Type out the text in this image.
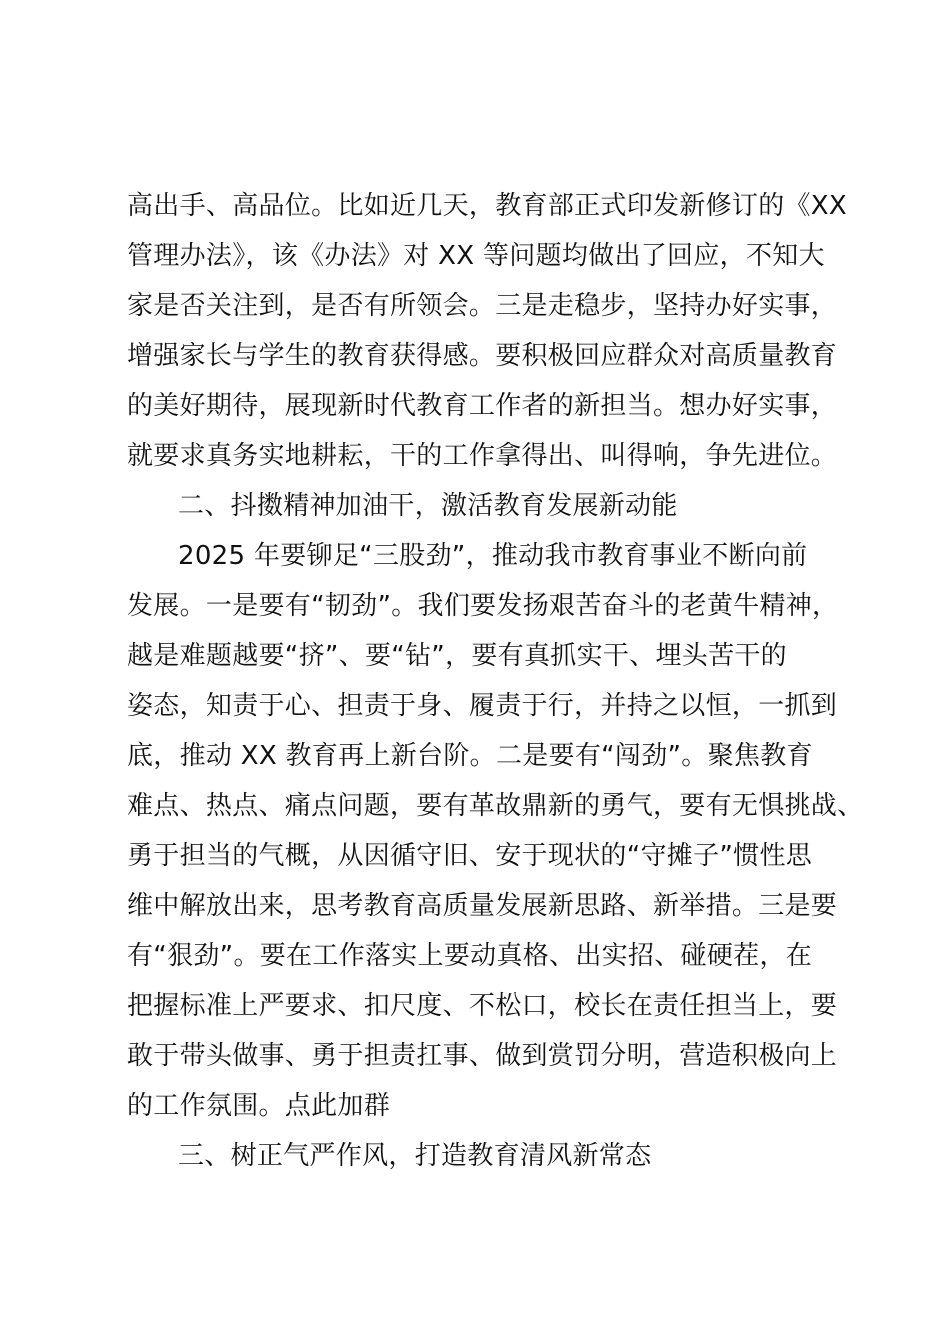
高出手、高品位。比如近几天，教育部正式印发新修订的《XX
管理办法》，该《办法》对 XX 等问题均做出了回应，不知大
家是否关注到，是否有所领会。三是走稳步，坚持办好实事，
增强家长与学生的教育获得感。要积极回应群众对高质量教育
的美好期待，展现新时代教育工作者的新担当。想办好实事，
就要求真务实地耕耘，干的工作拿得出、叫得响，争先进位。
二、抖擞精神加油干，激活教育发展新动能
2025 年要铆足“三股劲”，推动我市教育事业不断向前
发展。一是要有“韧劲”。我们要发扬艰苦奋斗的老黄牛精神，
越是难题越要“挤”、要“钻”，要有真抓实干、埋头苦干的
姿态，知责于心、担责于身、履责于行，并持之以恒，一抓到
底，推动 XX 教育再上新台阶。二是要有“闯劲”。聚焦教育
难点、热点、痛点问题，要有革故鼎新的勇气，要有无惧挑战、
勇于担当的气概，从因循守旧、安于现状的“守摊子”惯性思
维中解放出来，思考教育高质量发展新思路、新举措。三是要
有“狠劲”。要在工作落实上要动真格、出实招、碰硬茬，在
把握标准上严要求、扣尺度、不松口，校长在责任担当上，要
敢于带头做事、勇于担责扛事、做到赏罚分明，营造积极向上
的工作氛围。点此加群
三、树正气严作风，打造教育清风新常态
